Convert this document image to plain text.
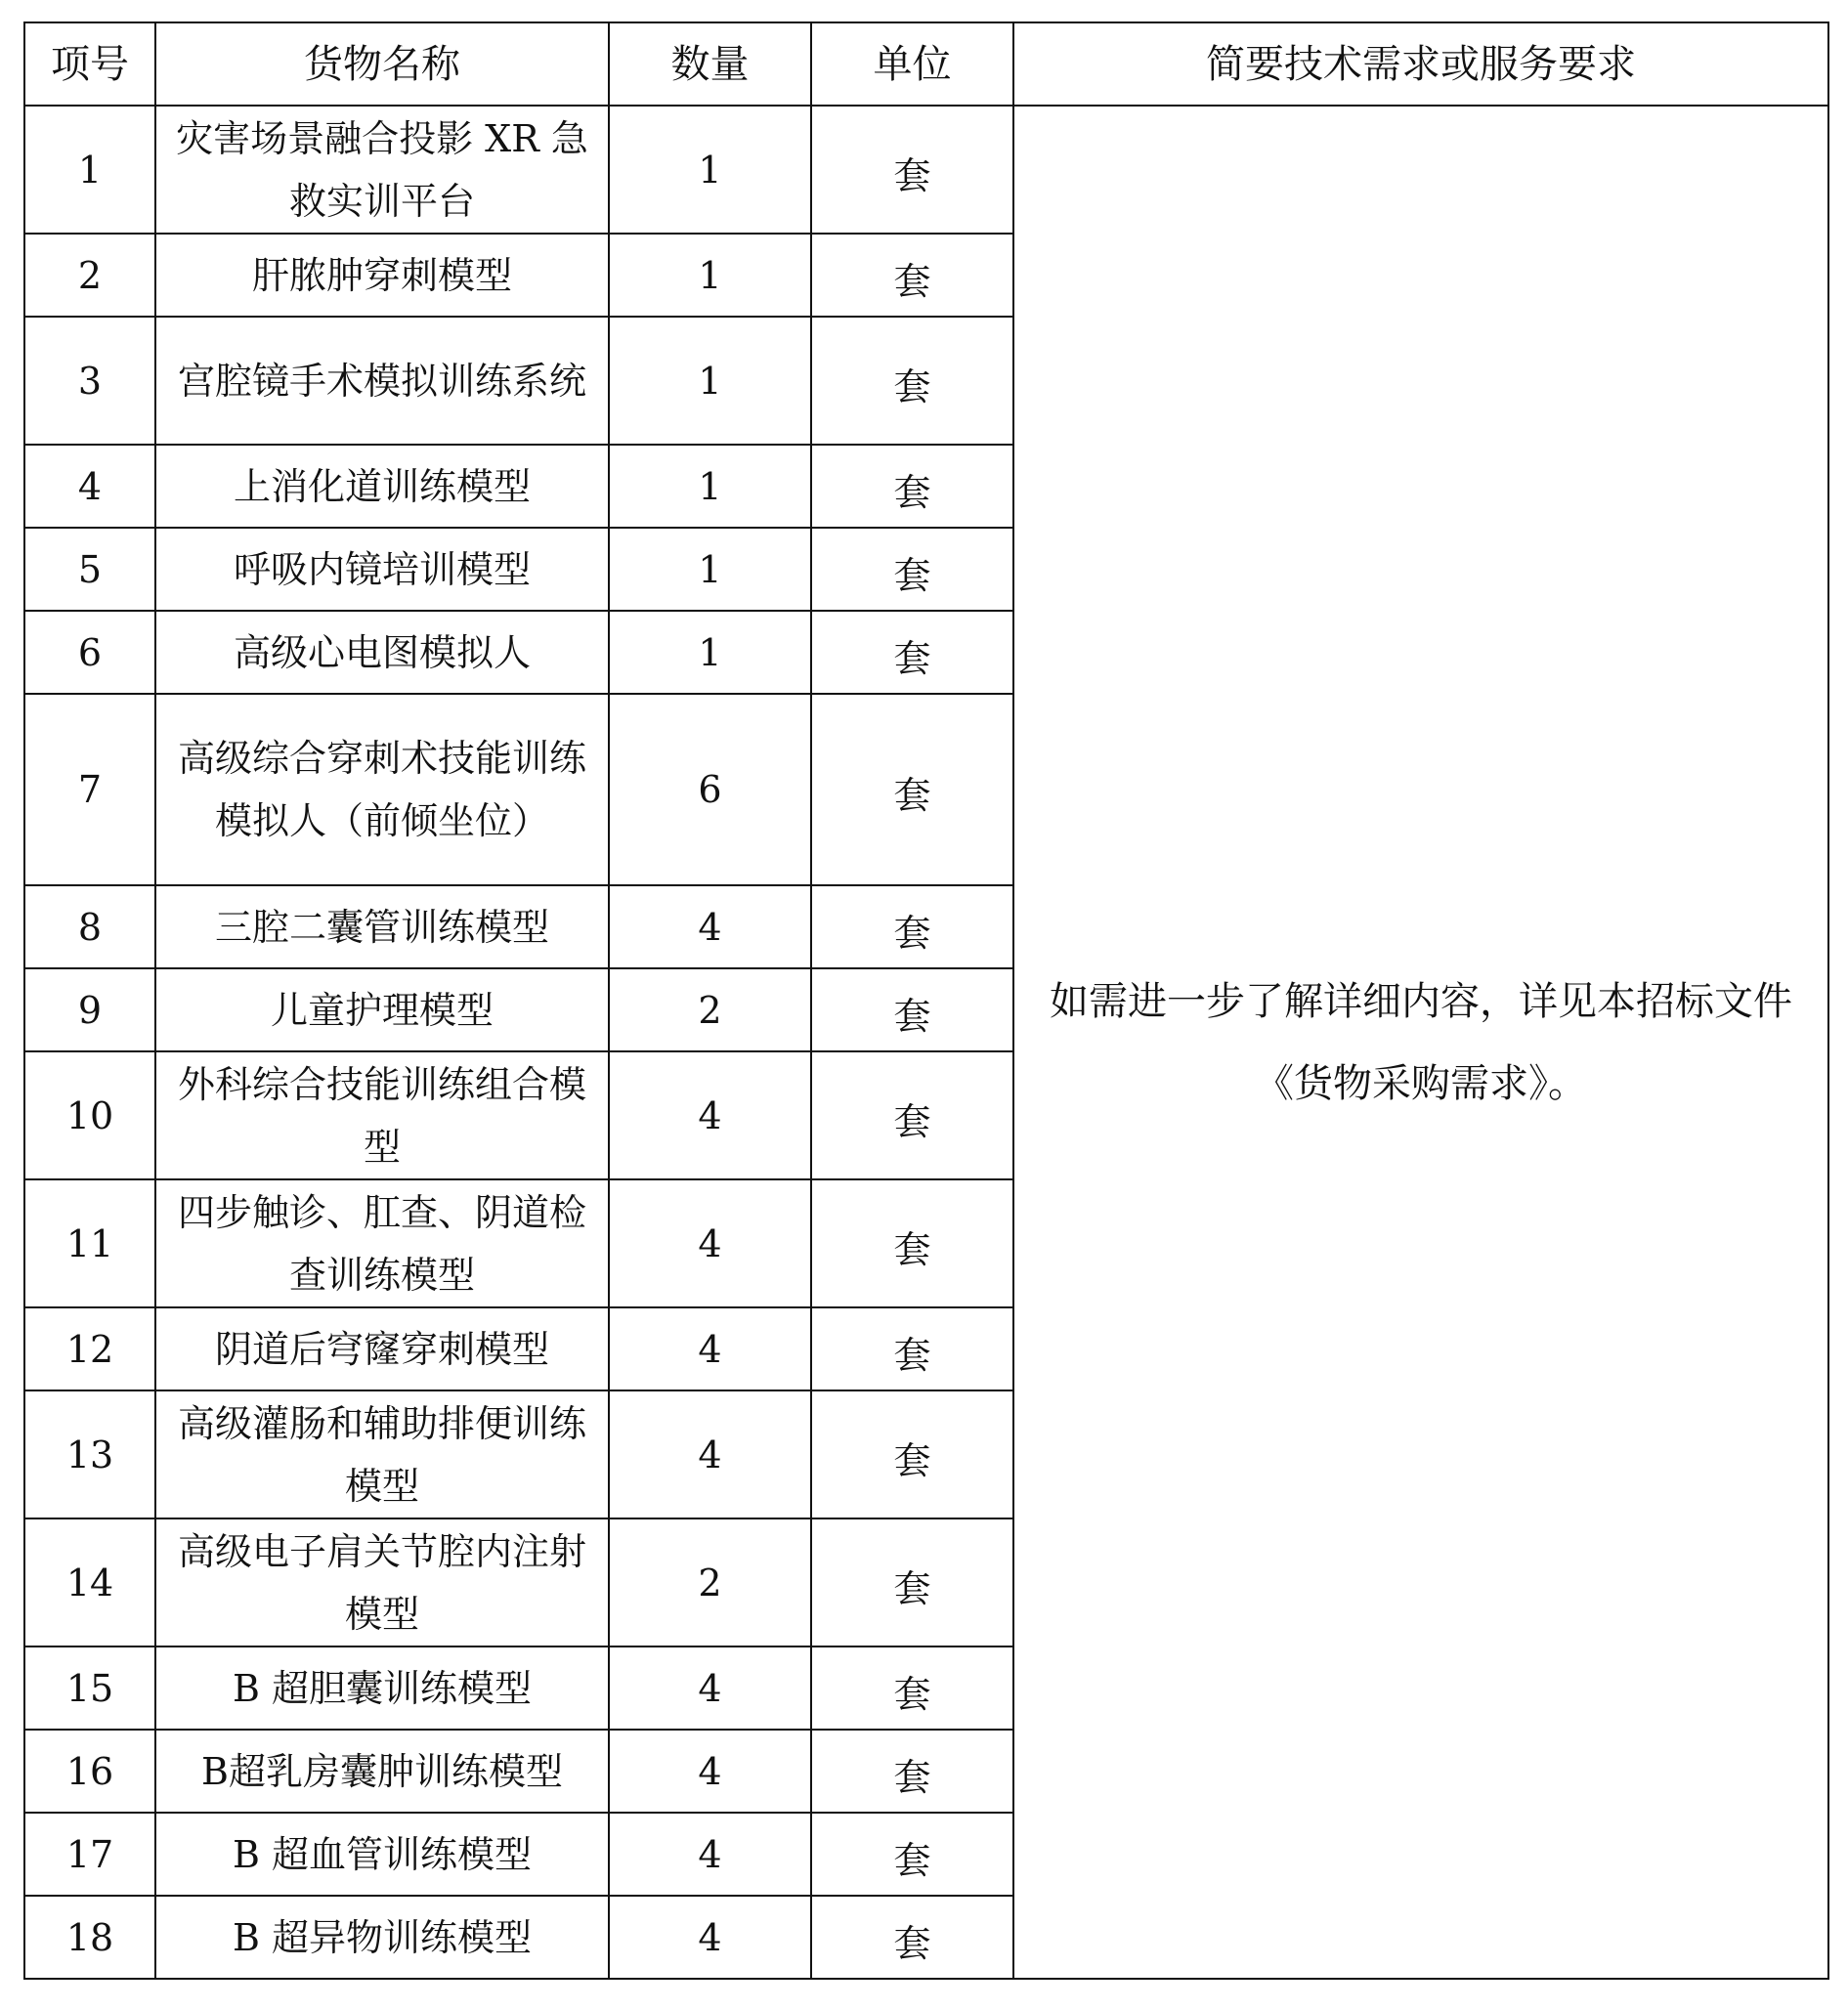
项号	货物名称	数量	单位	简要技术需求或服务要求
1	灾害场景融合投影 XR 急救实训平台	1	套	如需进一步了解详细内容，详见本招标文件《货物采购需求》。
2	肝脓肿穿刺模型	1	套	
3	宫腔镜手术模拟训练系统	1	套	
4	上消化道训练模型	1	套	
5	呼吸内镜培训模型	1	套	
6	高级心电图模拟人	1	套	
7	高级综合穿刺术技能训练模拟人（前倾坐位）	6	套	
8	三腔二囊管训练模型	4	套	
9	儿童护理模型	2	套	
10	外科综合技能训练组合模型	4	套	
11	四步触诊、肛查、阴道检查训练模型	4	套	
12	阴道后穹窿穿刺模型	4	套	
13	高级灌肠和辅助排便训练模型	4	套	
14	高级电子肩关节腔内注射模型	2	套	
15	B 超胆囊训练模型	4	套	
16	B超乳房囊肿训练模型	4	套	
17	B 超血管训练模型	4	套	
18	B 超异物训练模型	4	套	
